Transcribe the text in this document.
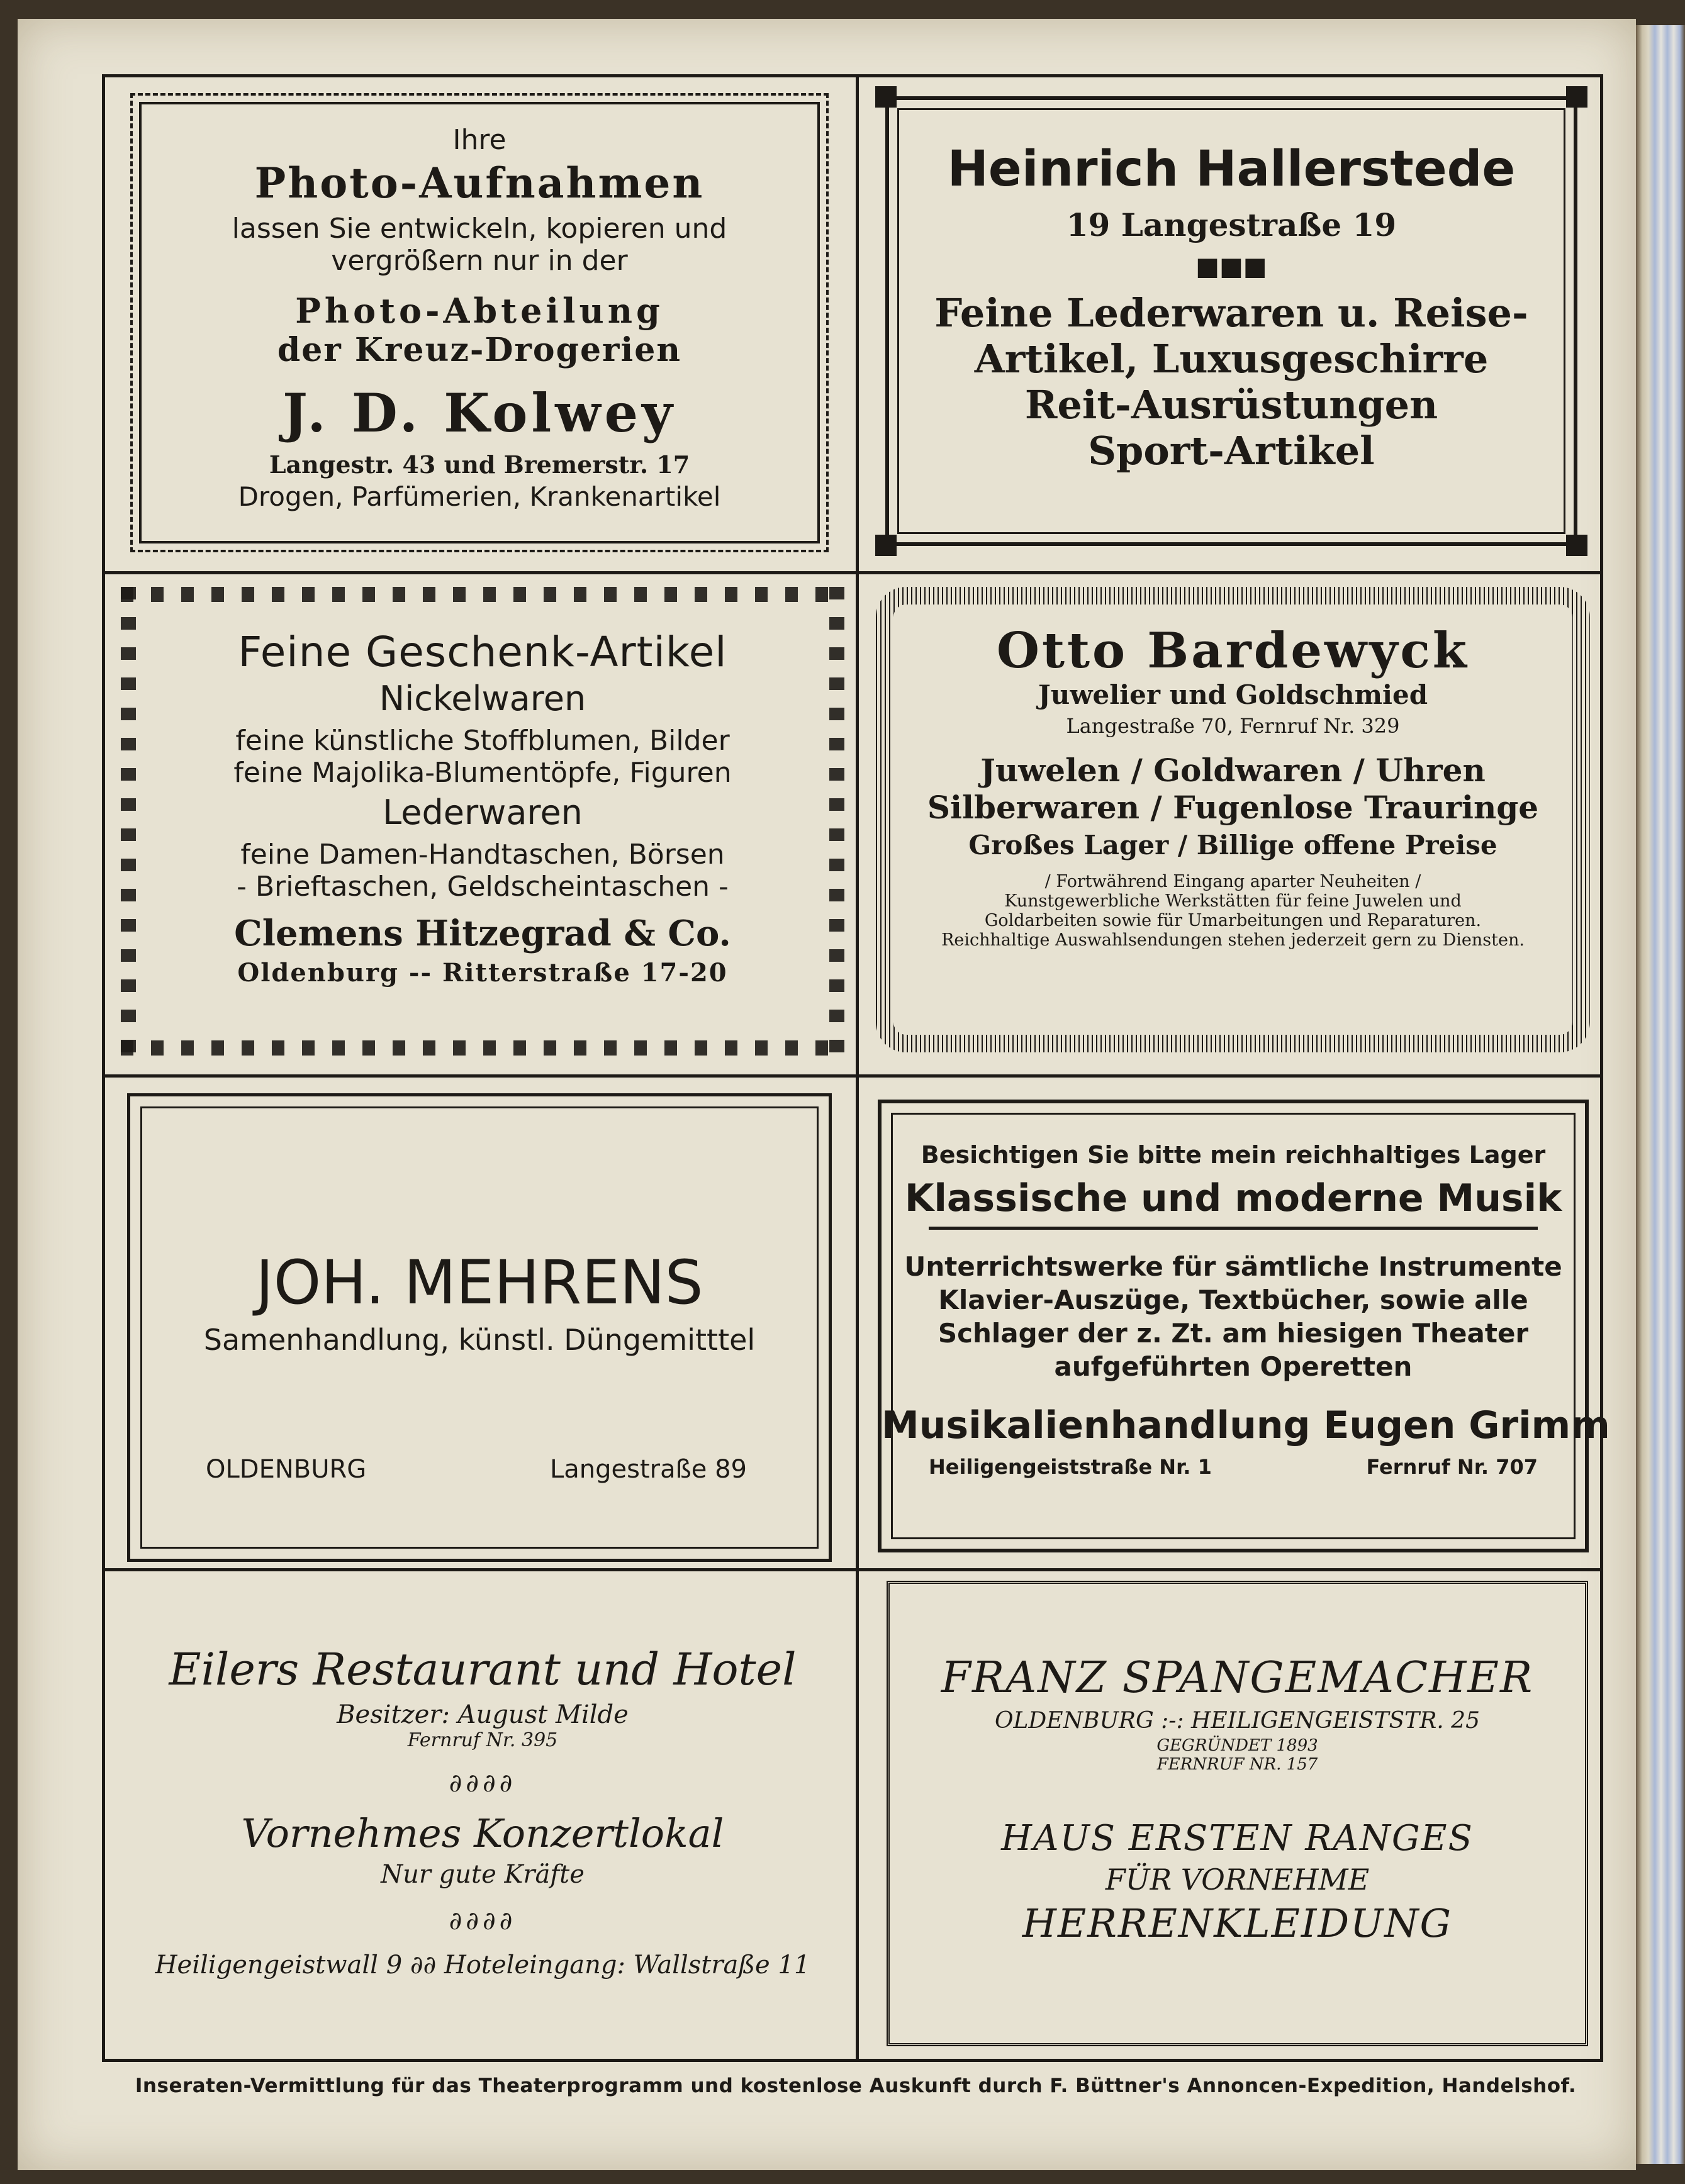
Ihre
Photo-Aufnahmen
lassen Sie entwickeln, kopieren und
vergrößern nur in der
Photo-Abteilung
der Kreuz-Drogerien
J. D. Kolwey
Langestr. 43 und Bremerstr. 17
Drogen, Parfümerien, Krankenartikel
Heinrich Hallerstede
19 Langestraße 19
■■■
Feine Lederwaren u. Reise-
Artikel, Luxusgeschirre
Reit-Ausrüstungen
Sport-Artikel
Feine Geschenk-Artikel
Nickelwaren
feine künstliche Stoffblumen, Bilder
feine Majolika-Blumentöpfe, Figuren
Lederwaren
feine Damen-Handtaschen, Börsen
- Brieftaschen, Geldscheintaschen -
Clemens Hitzegrad & Co.
Oldenburg -- Ritterstraße 17-20
Otto Bardewyck
Juwelier und Goldschmied
Langestraße 70, Fernruf Nr. 329
Juwelen / Goldwaren / Uhren
Silberwaren / Fugenlose Trauringe
Großes Lager / Billige offene Preise
/ Fortwährend Eingang aparter Neuheiten /
Kunstgewerbliche Werkstätten für feine Juwelen und
Goldarbeiten sowie für Umarbeitungen und Reparaturen.
Reichhaltige Auswahlsendungen stehen jederzeit gern zu Diensten.
JOH. MEHRENS
Samenhandlung, künstl. Düngemitttel
OLDENBURG	Langestraße 89
Besichtigen Sie bitte mein reichhaltiges Lager
Klassische und moderne Musik
Unterrichtswerke für sämtliche Instrumente
Klavier-Auszüge, Textbücher, sowie alle
Schlager der z. Zt. am hiesigen Theater
aufgeführten Operetten
Musikalienhandlung Eugen Grimm
Heiligengeiststraße Nr. 1	Fernruf Nr. 707
Eilers Restaurant und Hotel
Besitzer: August Milde
Fernruf Nr. 395
∂∂∂∂
Vornehmes Konzertlokal
Nur gute Kräfte
∂∂∂∂
Heiligengeistwall 9 ∂∂ Hoteleingang: Wallstraße 11
FRANZ SPANGEMACHER
OLDENBURG :-: HEILIGENGEISTSTR. 25
GEGRÜNDET 1893
FERNRUF NR. 157
HAUS ERSTEN RANGES
FÜR VORNEHME
HERRENKLEIDUNG
Inseraten-Vermittlung für das Theaterprogramm und kostenlose Auskunft durch F. Büttner's Annoncen-Expedition, Handelshof.
